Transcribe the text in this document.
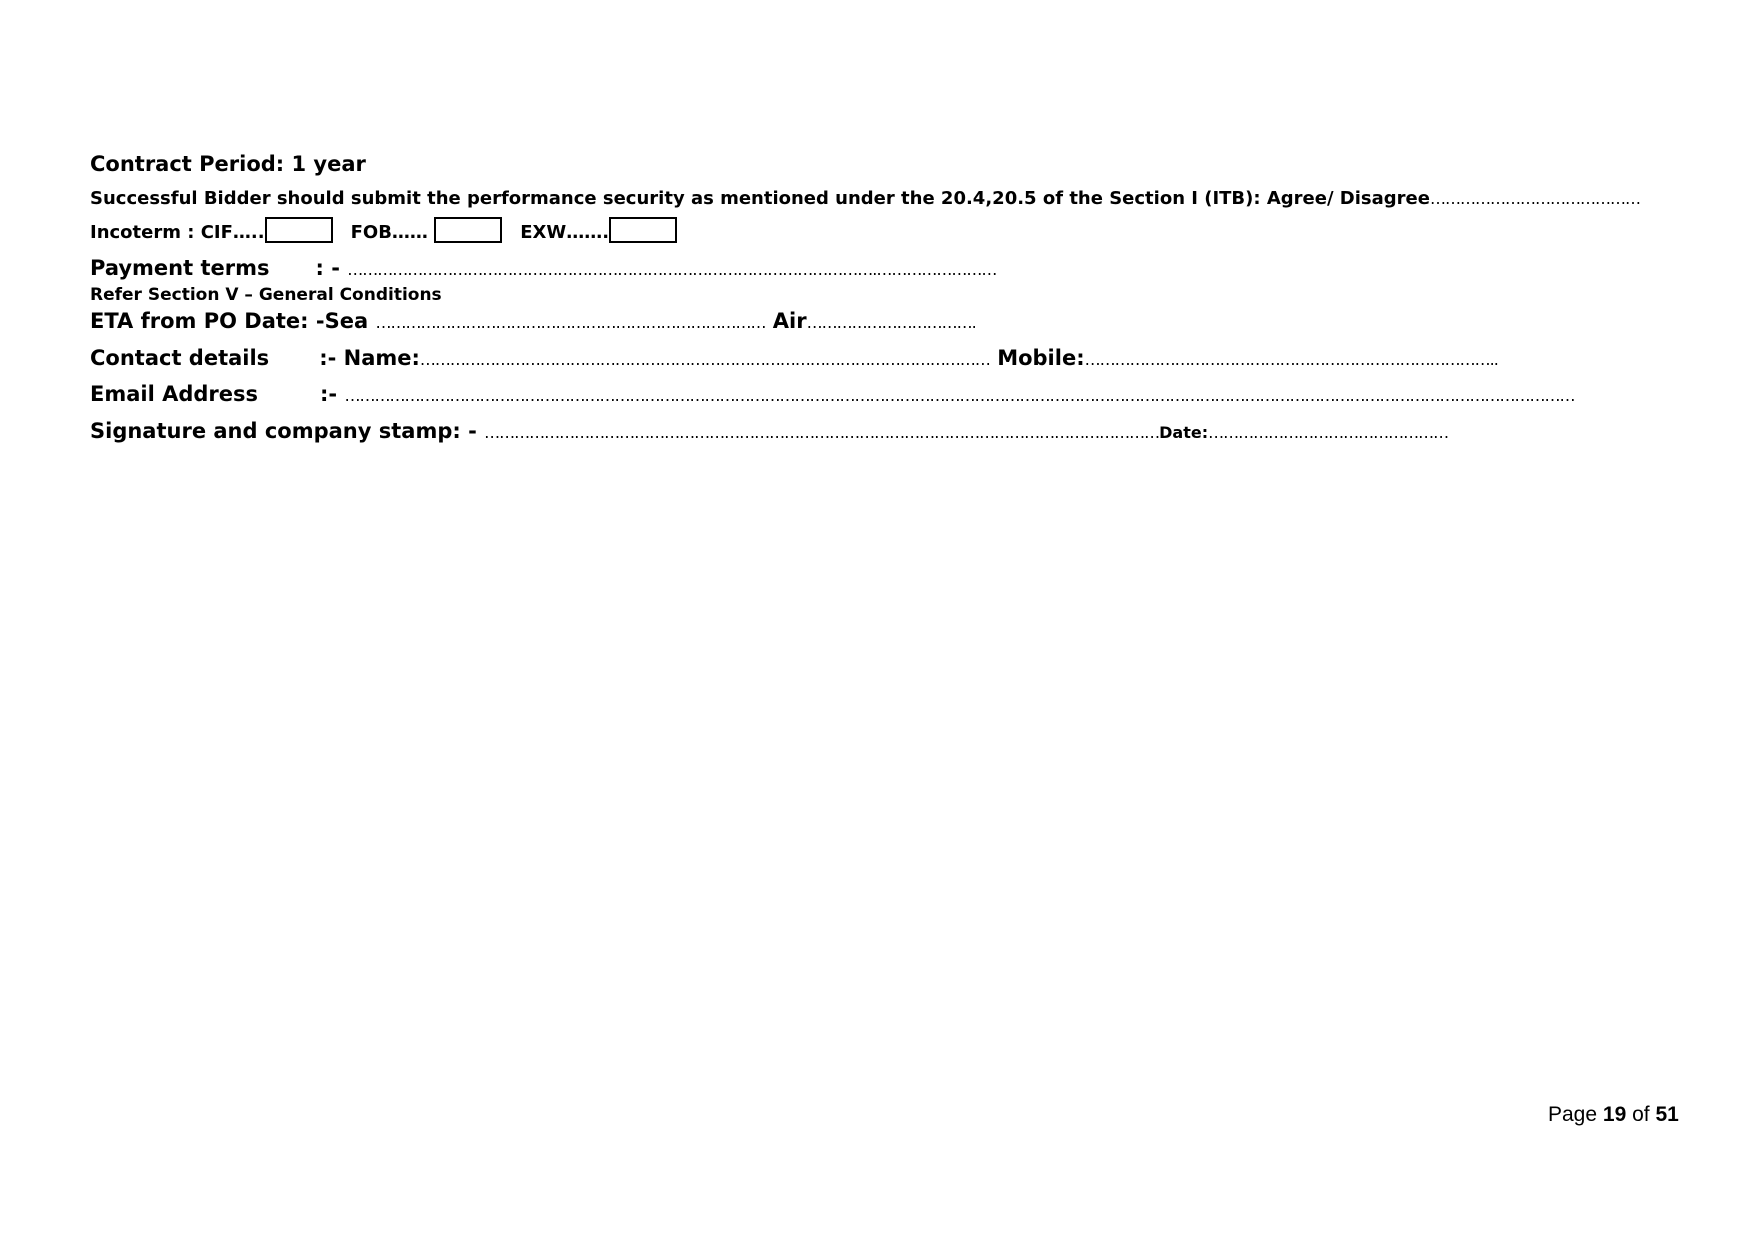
Contract Period: 1 year
Successful Bidder should submit the performance security as mentioned under the 20.4,20.5 of the Section I (ITB): Agree/ Disagree……………………………………
Incoterm : CIF…..	FOB……	EXW…….
Payment terms : - …………………………………………………………………………………………….……………………
Refer Section V – General Conditions
ETA from PO Date: -Sea …………………………………………………………………… Air…………………………….
Contact details :- Name:…………………………………………………………………………………………………… Mobile:………………………………………………………………………..
Email Address	:- …………………………………………………………………………………………………………………………………………………………………………………………………………………………
Signature and company stamp: - ………………………………………………………………………………………………………………………Date:…………………………………………
Page 19 of 51
